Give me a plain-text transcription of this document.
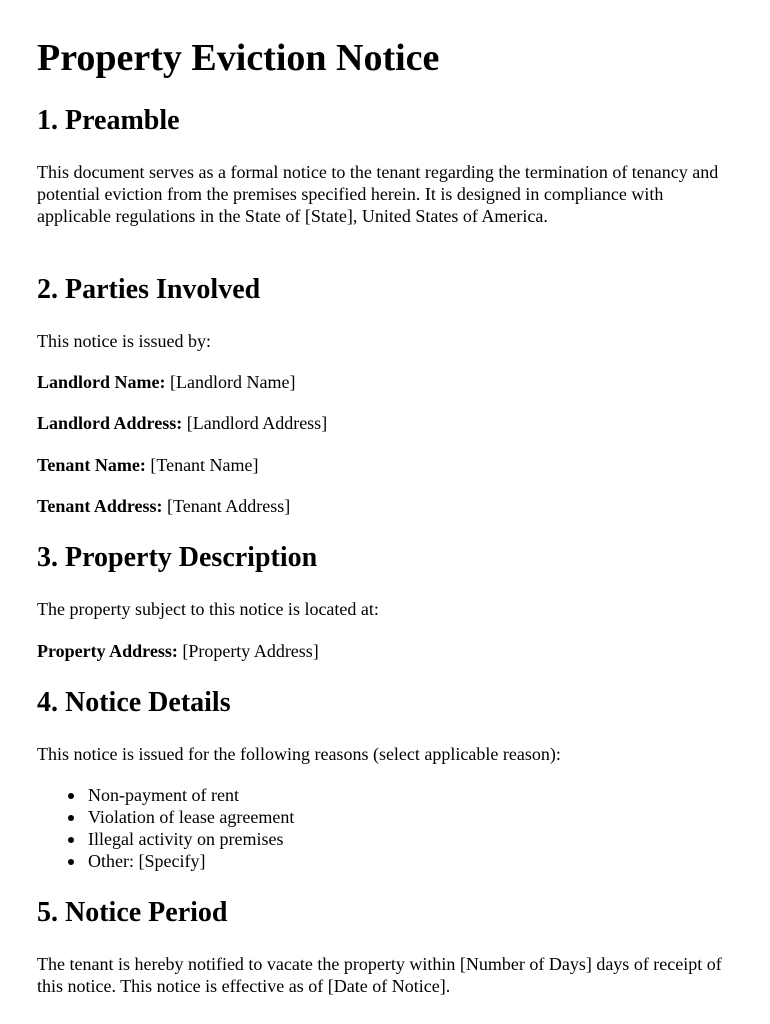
Property Eviction Notice
1. Preamble

This document serves as a formal notice to the tenant regarding the termination of tenancy and potential eviction from the premises specified herein. It is designed in compliance with applicable regulations in the State of [State], United States of America.

2. Parties Involved

This notice is issued by:

Landlord Name: [Landlord Name]

Landlord Address: [Landlord Address]

Tenant Name: [Tenant Name]

Tenant Address: [Tenant Address]

3. Property Description

The property subject to this notice is located at:

Property Address: [Property Address]

4. Notice Details

This notice is issued for the following reasons (select applicable reason):

Non-payment of rent
Violation of lease agreement
Illegal activity on premises
Other: [Specify]
5. Notice Period

The tenant is hereby notified to vacate the property within [Number of Days] days of receipt of this notice. This notice is effective as of [Date of Notice].
